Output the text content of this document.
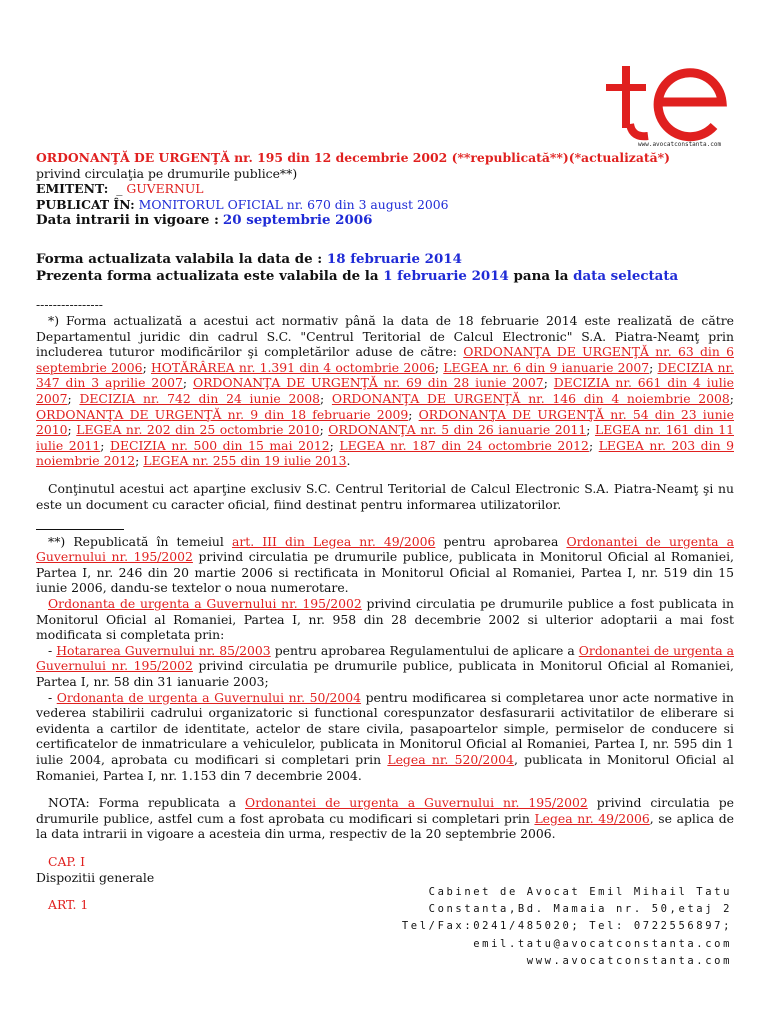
www.avocatconstanta.com

ORDONANŢĂ DE URGENŢĂ nr. 195 din 12 decembrie 2002 (**republicată**)(*actualizată*)
privind circulaţia pe drumurile publice**)
EMITENT:  _ GUVERNUL
PUBLICAT ÎN: MONITORUL OFICIAL nr. 670 din 3 august 2006
Data intrarii in vigoare : 20 septembrie 2006

Forma actualizata valabila la data de : 18 februarie 2014
Prezenta forma actualizata este valabila de la 1 februarie 2014 pana la data selectata

----------------

*) Forma actualizată a acestui act normativ până la data de 18 februarie 2014 este realizată de către Departamentul juridic din cadrul S.C. "Centrul Teritorial de Calcul Electronic" S.A. Piatra-Neamţ prin includerea tuturor modificărilor şi completărilor aduse de către: ORDONANŢA DE URGENŢĂ nr. 63 din 6 septembrie 2006; HOTĂRÂREA nr. 1.391 din 4 octombrie 2006; LEGEA nr. 6 din 9 ianuarie 2007; DECIZIA nr. 347 din 3 aprilie 2007; ORDONANŢA DE URGENŢĂ nr. 69 din 28 iunie 2007; DECIZIA nr. 661 din 4 iulie 2007; DECIZIA nr. 742 din 24 iunie 2008; ORDONANŢA DE URGENŢĂ nr. 146 din 4 noiembrie 2008; ORDONANŢA DE URGENŢĂ nr. 9 din 18 februarie 2009; ORDONANŢA DE URGENŢĂ nr. 54 din 23 iunie 2010; LEGEA nr. 202 din 25 octombrie 2010; ORDONANŢA nr. 5 din 26 ianuarie 2011; LEGEA nr. 161 din 11 iulie 2011; DECIZIA nr. 500 din 15 mai 2012; LEGEA nr. 187 din 24 octombrie 2012; LEGEA nr. 203 din 9 noiembrie 2012; LEGEA nr. 255 din 19 iulie 2013.

Conţinutul acestui act aparţine exclusiv S.C. Centrul Teritorial de Calcul Electronic S.A. Piatra-Neamţ şi nu este un document cu caracter oficial, fiind destinat pentru informarea utilizatorilor.

**) Republicată în temeiul art. III din Legea nr. 49/2006 pentru aprobarea Ordonantei de urgenta a Guvernului nr. 195/2002 privind circulatia pe drumurile publice, publicata in Monitorul Oficial al Romaniei, Partea I, nr. 246 din 20 martie 2006 si rectificata in Monitorul Oficial al Romaniei, Partea I, nr. 519 din 15 iunie 2006, dandu-se textelor o noua numerotare.

Ordonanta de urgenta a Guvernului nr. 195/2002 privind circulatia pe drumurile publice a fost publicata in Monitorul Oficial al Romaniei, Partea I, nr. 958 din 28 decembrie 2002 si ulterior adoptarii a mai fost modificata si completata prin:

- Hotararea Guvernului nr. 85/2003 pentru aprobarea Regulamentului de aplicare a Ordonantei de urgenta a Guvernului nr. 195/2002 privind circulatia pe drumurile publice, publicata in Monitorul Oficial al Romaniei, Partea I, nr. 58 din 31 ianuarie 2003;

- Ordonanta de urgenta a Guvernului nr. 50/2004 pentru modificarea si completarea unor acte normative in vederea stabilirii cadrului organizatoric si functional corespunzator desfasurarii activitatilor de eliberare si evidenta a cartilor de identitate, actelor de stare civila, pasapoartelor simple, permiselor de conducere si certificatelor de inmatriculare a vehiculelor, publicata in Monitorul Oficial al Romaniei, Partea I, nr. 595 din 1 iulie 2004, aprobata cu modificari si completari prin Legea nr. 520/2004, publicata in Monitorul Oficial al Romaniei, Partea I, nr. 1.153 din 7 decembrie 2004.

NOTA: Forma republicata a Ordonantei de urgenta a Guvernului nr. 195/2002 privind circulatia pe drumurile publice, astfel cum a fost aprobata cu modificari si completari prin Legea nr. 49/2006, se aplica de la data intrarii in vigoare a acesteia din urma, respectiv de la 20 septembrie 2006.

CAP. I
Dispozitii generale

ART. 1

Cabinet de Avocat Emil Mihail Tatu
Constanta,Bd. Mamaia nr. 50,etaj 2
Tel/Fax:0241/485020; Tel: 0722556897;
emil.tatu@avocatconstanta.com
www.avocatconstanta.com
